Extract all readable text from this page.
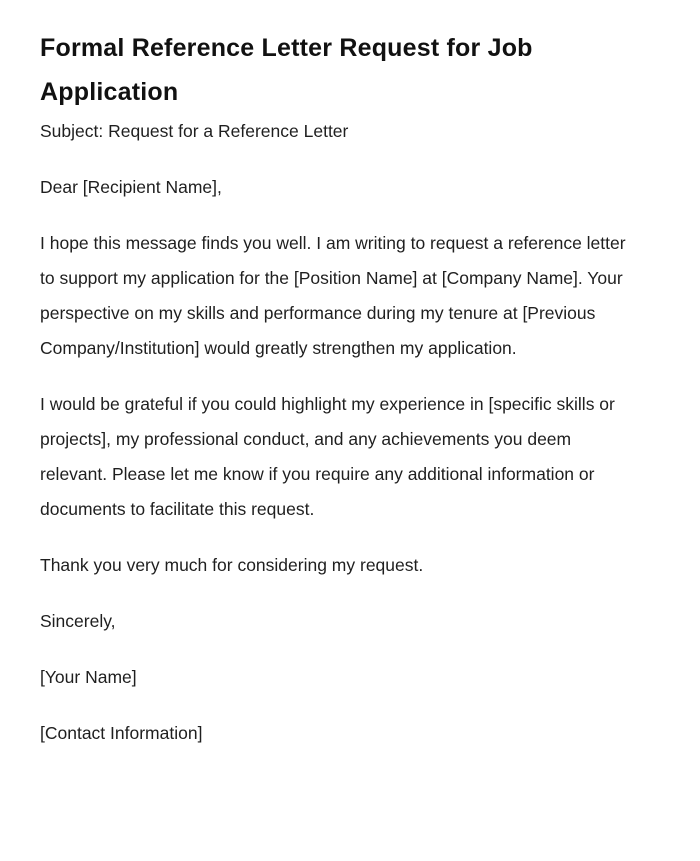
Formal Reference Letter Request for Job Application

Subject: Request for a Reference Letter

Dear [Recipient Name],

I hope this message finds you well. I am writing to request a reference letter to support my application for the [Position Name] at [Company Name]. Your perspective on my skills and performance during my tenure at [Previous Company/Institution] would greatly strengthen my application.

I would be grateful if you could highlight my experience in [specific skills or projects], my professional conduct, and any achievements you deem relevant. Please let me know if you require any additional information or documents to facilitate this request.

Thank you very much for considering my request.

Sincerely,

[Your Name]

[Contact Information]
